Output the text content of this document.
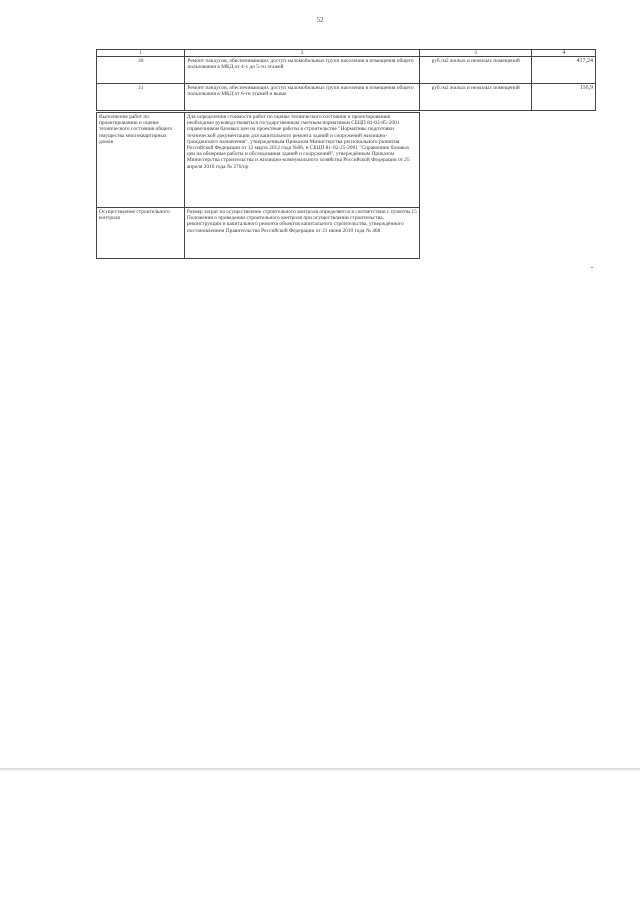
52
1	2	3	4
30	Ремонт пандусов, обеспечивающих доступ маломобильных групп населения в помещения общего пользования в МКД от 4-х до 5-ти этажей	руб./м2 жилых и нежилых помещений	417,24
31	Ремонт пандусов, обеспечивающих доступ маломобильных групп населения в помещения общего пользования в МКД от 6-ти этажей и выше	руб./м2 жилых и нежилых помещений	116,9
Выполнение работ по проектированию и оценке технического состояния общего имущества многоквартирных домов	Для определения стоимости работ по оценке технического состояния и проектированию необходимо руководствоваться государственным сметным нормативом СБЦП 81-02-05-2001 справочником базовых цен на проектные работы в строительстве "Нормативы подготовки технической документации для капитального ремонта зданий и сооружений жилищно-гражданского назначения", утвержденным Приказом Министерства регионального развития Российской Федерации от 12 марта 2012 года №96, и СБЦП 81-02-25-2001 "Справочник базовых цен на обмерные работы и обследования зданий и сооружений", утверждённым Приказом Министерства строительства и жилищно-коммунального хозяйства Российской Федерации от 25 апреля 2016 года № 270/пр
Осуществление строительного контроля	Размер затрат на осуществление строительного контроля определяется в соответствии с пунктом 15 Положения о проведении строительного контроля при осуществлении строительства, реконструкции и капитального ремонта объектов капитального строительства, утверждённого постановлением Правительства Российской Федерации от 21 июня 2010 года № 468
